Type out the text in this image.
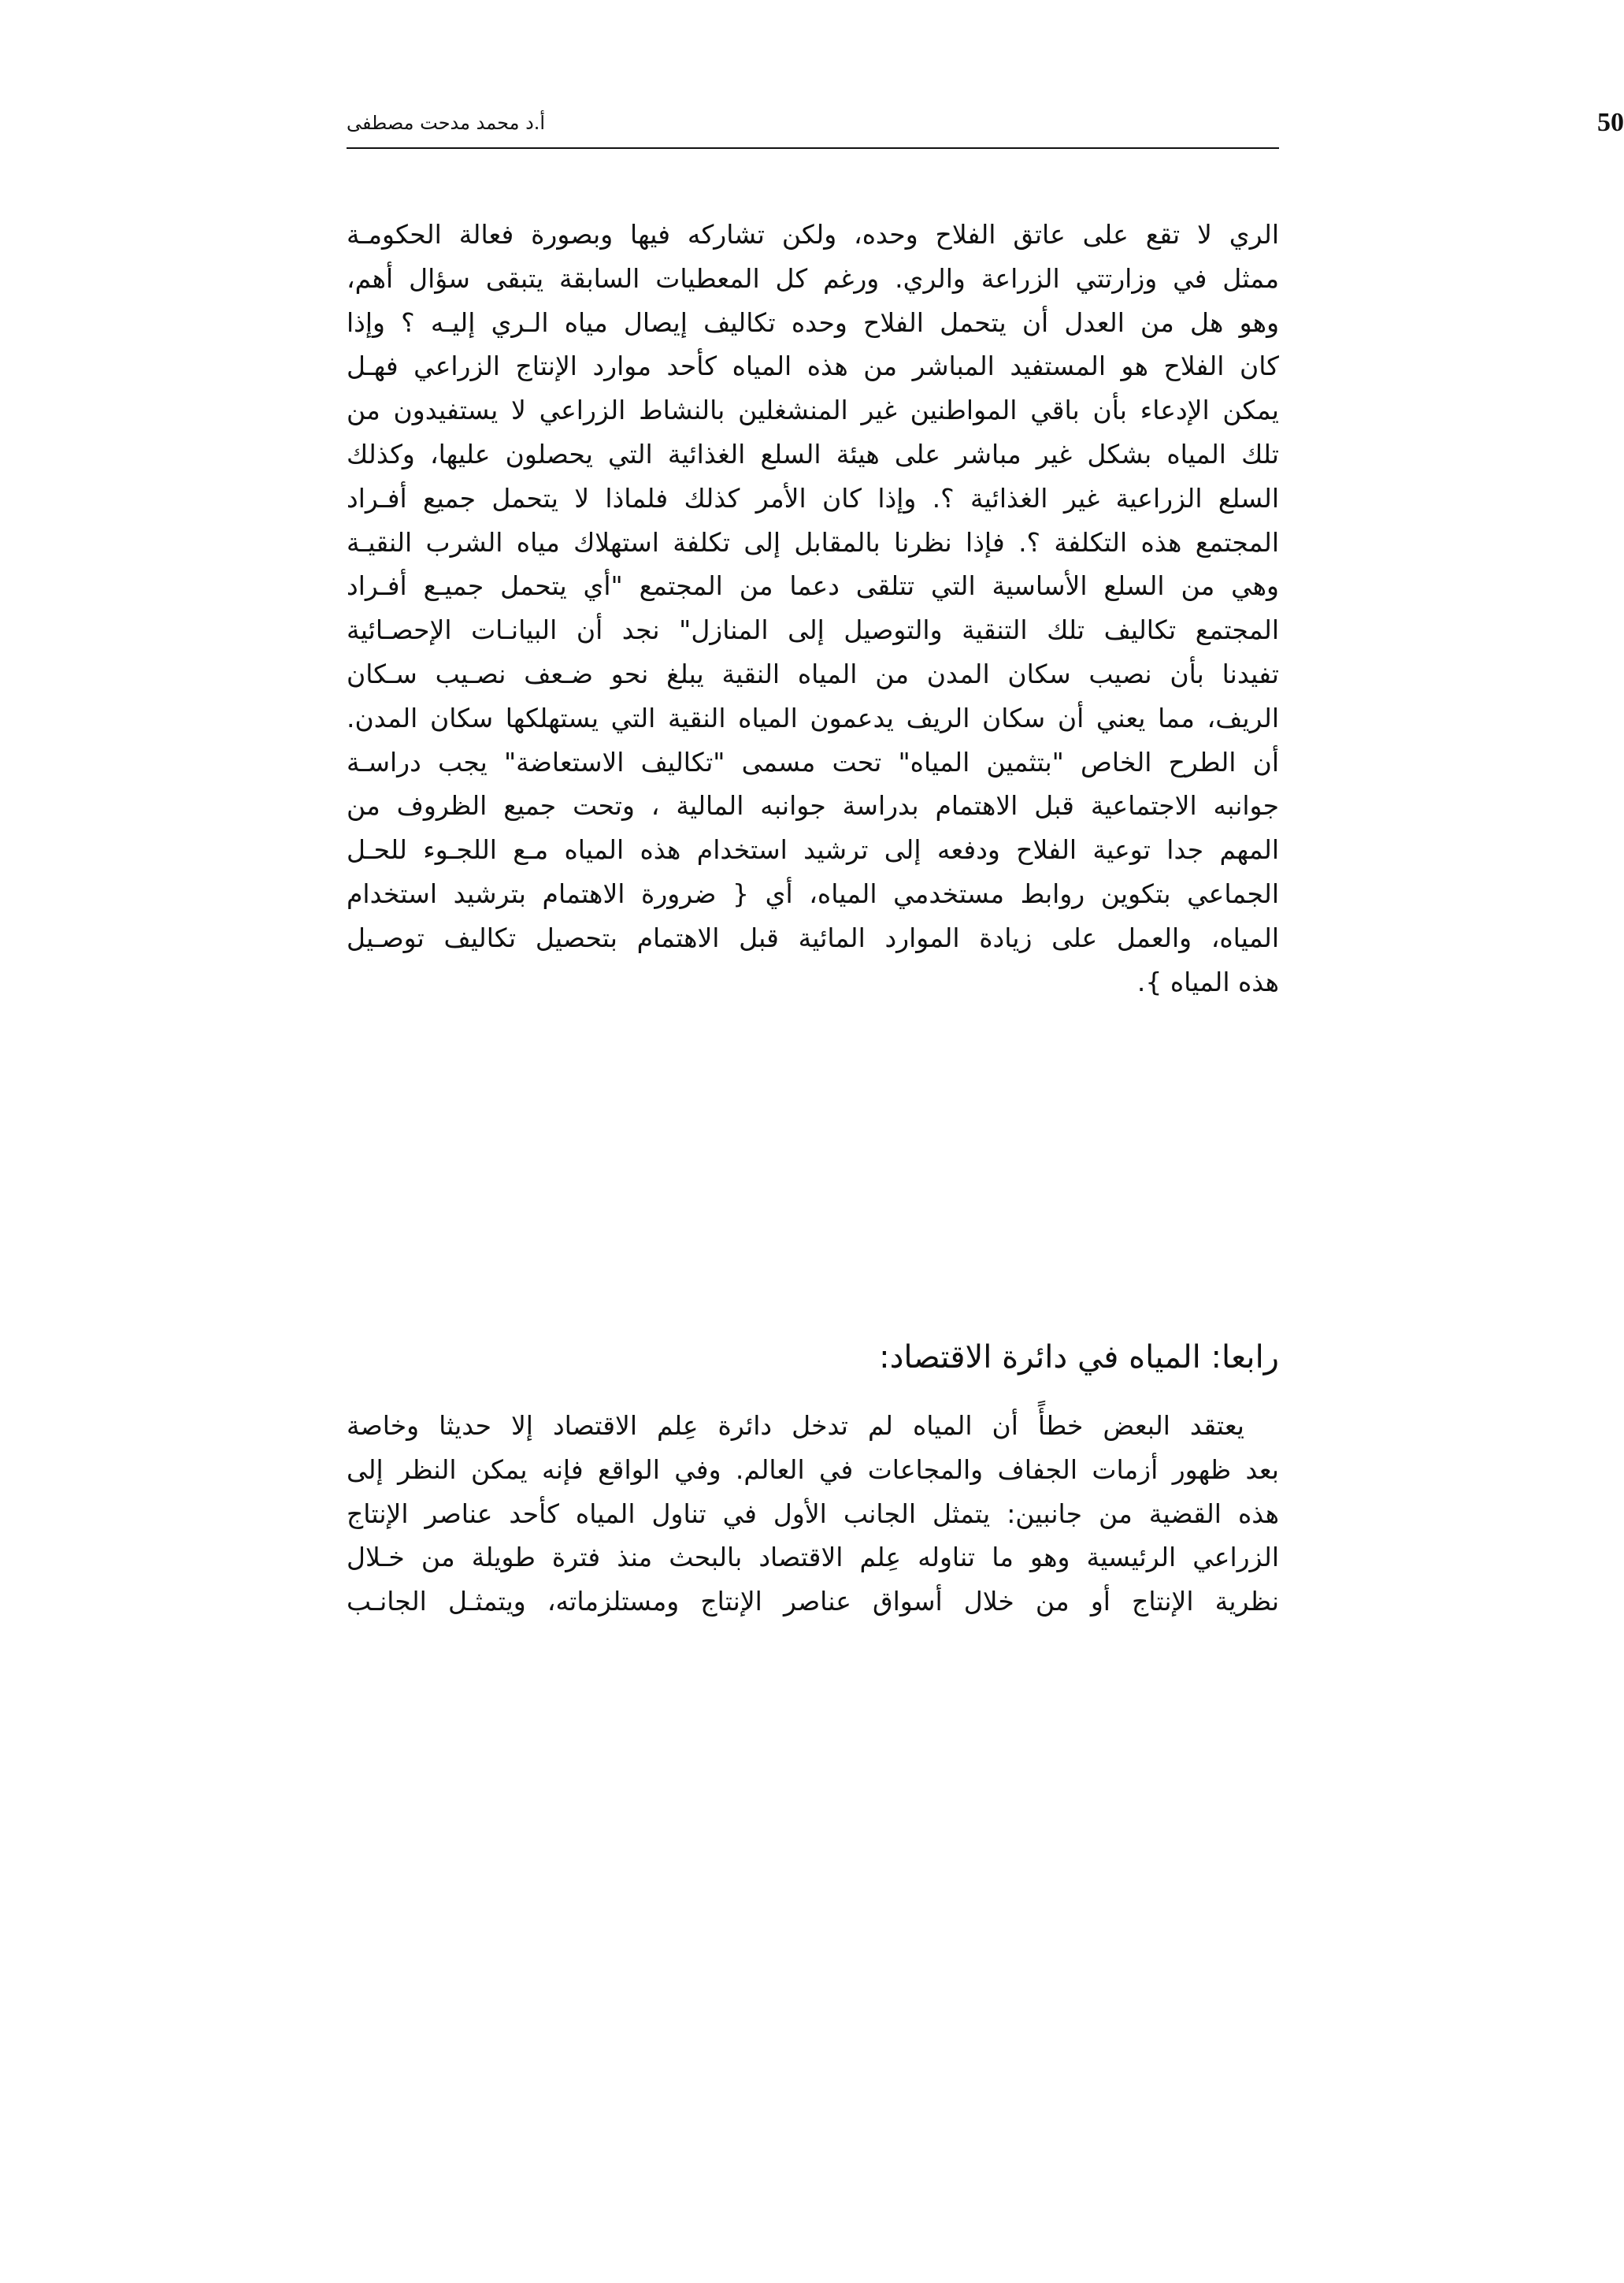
أ.د محمد مدحت مصطفى	50
الري لا تقع على عاتق الفلاح وحده، ولكن تشاركه فيها وبصورة فعالة الحكومـة
ممثل في وزارتتي الزراعة والري. ورغم كل المعطيات السابقة يتبقى سؤال أهم،
وهو هل من العدل أن يتحمل الفلاح وحده تكاليف إيصال مياه الـري إليـه ؟ وإذا
كان الفلاح هو المستفيد المباشر من هذه المياه كأحد موارد الإنتاج الزراعي فهـل
يمكن الإدعاء بأن باقي المواطنين غير المنشغلين بالنشاط الزراعي لا يستفيدون من
تلك المياه بشكل غير مباشر على هيئة السلع الغذائية التي يحصلون عليها، وكذلك
السلع الزراعية غير الغذائية ؟. وإذا كان الأمر كذلك فلماذا لا يتحمل جميع أفـراد
المجتمع هذه التكلفة ؟. فإذا نظرنا بالمقابل إلى تكلفة استهلاك مياه الشرب النقيـة
وهي من السلع الأساسية التي تتلقى دعما من المجتمع "أي يتحمل جميـع أفـراد
المجتمع تكاليف تلك التنقية والتوصيل إلى المنازل" نجد أن البيانـات الإحصـائية
تفيدنا بأن نصيب سكان المدن من المياه النقية يبلغ نحو ضـعف نصـيب سـكان
الريف، مما يعني أن سكان الريف يدعمون المياه النقية التي يستهلكها سكان المدن.
أن الطرح الخاص "بتثمين المياه" تحت مسمى "تكاليف الاستعاضة" يجب دراسـة
جوانبه الاجتماعية قبل الاهتمام بدراسة جوانبه المالية ، وتحت جميع الظروف من
المهم جدا توعية الفلاح ودفعه إلى ترشيد استخدام هذه المياه مـع اللجـوء للحـل
الجماعي بتكوين روابط مستخدمي المياه، أي { ضرورة الاهتمام بترشيد استخدام
المياه، والعمل على زيادة الموارد المائية قبل الاهتمام بتحصيل تكاليف توصـيل
هذه المياه }.
رابعا: المياه في دائرة الاقتصاد:
يعتقد البعض خطأً أن المياه لم تدخل دائرة عِلم الاقتصاد إلا حديثا وخاصة
بعد ظهور أزمات الجفاف والمجاعات في العالم. وفي الواقع فإنه يمكن النظر إلى
هذه القضية من جانبين: يتمثل الجانب الأول في تناول المياه كأحد عناصر الإنتاج
الزراعي الرئيسية وهو ما تناوله عِلم الاقتصاد بالبحث منذ فترة طويلة من خـلال
نظرية الإنتاج أو من خلال أسواق عناصر الإنتاج ومستلزماته، ويتمثـل الجانـب
